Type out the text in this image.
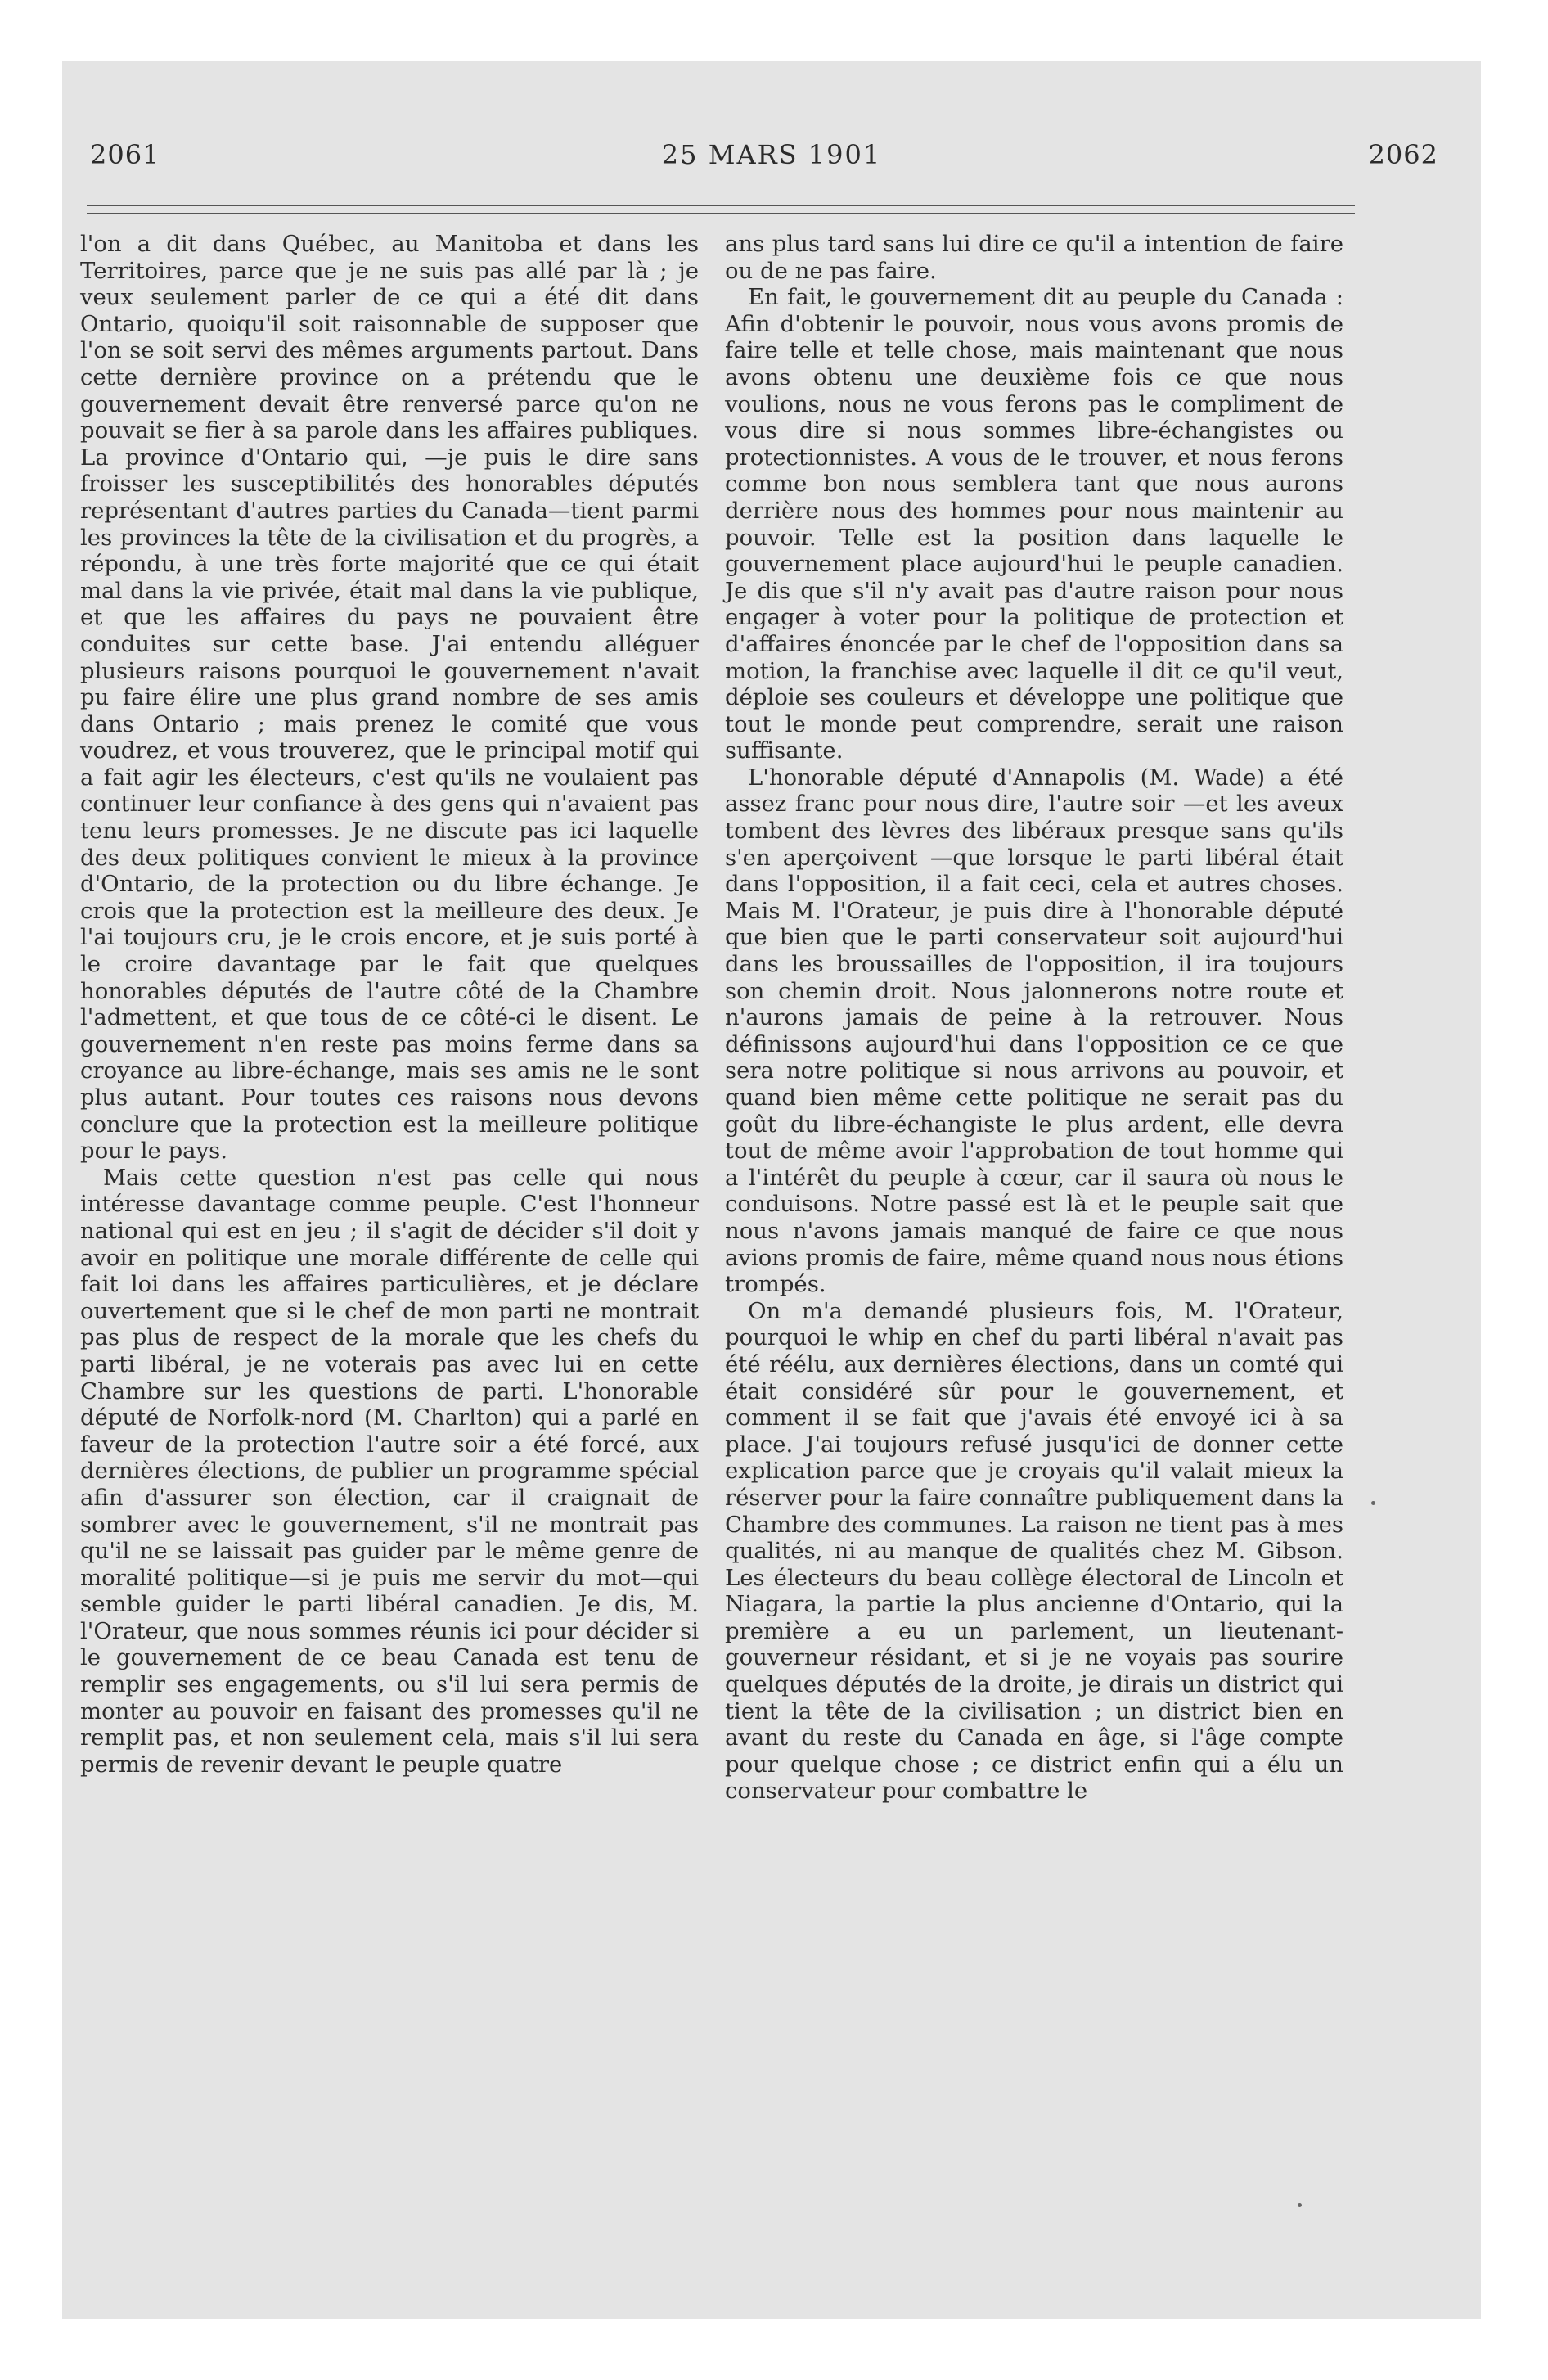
2061	25 MARS 1901	2062

l'on a dit dans Québec, au Manitoba et dans les Territoires, parce que je ne suis pas allé par là ; je veux seulement parler de ce qui a été dit dans Ontario, quoiqu'il soit raisonnable de supposer que l'on se soit servi des mêmes arguments partout. Dans cette dernière province on a prétendu que le gouvernement devait être renversé parce qu'on ne pouvait se fier à sa parole dans les affaires publiques. La province d'Ontario qui, —je puis le dire sans froisser les susceptibilités des honorables députés représentant d'autres parties du Canada—tient parmi les provinces la tête de la civilisation et du progrès, a répondu, à une très forte majorité que ce qui était mal dans la vie privée, était mal dans la vie publique, et que les affaires du pays ne pouvaient être conduites sur cette base. J'ai entendu alléguer plusieurs raisons pourquoi le gouvernement n'avait pu faire élire une plus grand nombre de ses amis dans Ontario ; mais prenez le comité que vous voudrez, et vous trouverez, que le principal motif qui a fait agir les électeurs, c'est qu'ils ne voulaient pas continuer leur confiance à des gens qui n'avaient pas tenu leurs promesses. Je ne discute pas ici laquelle des deux politiques convient le mieux à la province d'Ontario, de la protection ou du libre échange. Je crois que la protection est la meilleure des deux. Je l'ai toujours cru, je le crois encore, et je suis porté à le croire davantage par le fait que quelques honorables députés de l'autre côté de la Chambre l'admettent, et que tous de ce côté-ci le disent. Le gouvernement n'en reste pas moins ferme dans sa croyance au libre-échange, mais ses amis ne le sont plus autant. Pour toutes ces raisons nous devons conclure que la protection est la meilleure politique pour le pays.

Mais cette question n'est pas celle qui nous intéresse davantage comme peuple. C'est l'honneur national qui est en jeu ; il s'agit de décider s'il doit y avoir en politique une morale différente de celle qui fait loi dans les affaires particulières, et je déclare ouvertement que si le chef de mon parti ne montrait pas plus de respect de la morale que les chefs du parti libéral, je ne voterais pas avec lui en cette Chambre sur les questions de parti. L'honorable député de Norfolk-nord (M. Charlton) qui a parlé en faveur de la protection l'autre soir a été forcé, aux dernières élections, de publier un programme spécial afin d'assurer son élection, car il craignait de sombrer avec le gouvernement, s'il ne montrait pas qu'il ne se laissait pas guider par le même genre de moralité politique—si je puis me servir du mot—qui semble guider le parti libéral canadien. Je dis, M. l'Orateur, que nous sommes réunis ici pour décider si le gouvernement de ce beau Canada est tenu de remplir ses engagements, ou s'il lui sera permis de monter au pouvoir en faisant des promesses qu'il ne remplit pas, et non seulement cela, mais s'il lui sera permis de revenir devant le peuple quatre

ans plus tard sans lui dire ce qu'il a intention de faire ou de ne pas faire.

En fait, le gouvernement dit au peuple du Canada : Afin d'obtenir le pouvoir, nous vous avons promis de faire telle et telle chose, mais maintenant que nous avons obtenu une deuxième fois ce que nous voulions, nous ne vous ferons pas le compliment de vous dire si nous sommes libre-échangistes ou protectionnistes. A vous de le trouver, et nous ferons comme bon nous semblera tant que nous aurons derrière nous des hommes pour nous maintenir au pouvoir. Telle est la position dans laquelle le gouvernement place aujourd'hui le peuple canadien. Je dis que s'il n'y avait pas d'autre raison pour nous engager à voter pour la politique de protection et d'affaires énoncée par le chef de l'opposition dans sa motion, la franchise avec laquelle il dit ce qu'il veut, déploie ses couleurs et développe une politique que tout le monde peut comprendre, serait une raison suffisante.

L'honorable député d'Annapolis (M. Wade) a été assez franc pour nous dire, l'autre soir —et les aveux tombent des lèvres des libéraux presque sans qu'ils s'en aperçoivent —que lorsque le parti libéral était dans l'opposition, il a fait ceci, cela et autres choses. Mais M. l'Orateur, je puis dire à l'honorable député que bien que le parti conservateur soit aujourd'hui dans les broussailles de l'opposition, il ira toujours son chemin droit. Nous jalonnerons notre route et n'aurons jamais de peine à la retrouver. Nous définissons aujourd'hui dans l'opposition ce ce que sera notre politique si nous arrivons au pouvoir, et quand bien même cette politique ne serait pas du goût du libre-échangiste le plus ardent, elle devra tout de même avoir l'approbation de tout homme qui a l'intérêt du peuple à cœur, car il saura où nous le conduisons. Notre passé est là et le peuple sait que nous n'avons jamais manqué de faire ce que nous avions promis de faire, même quand nous nous étions trompés.

On m'a demandé plusieurs fois, M. l'Orateur, pourquoi le whip en chef du parti libéral n'avait pas été réélu, aux dernières élections, dans un comté qui était considéré sûr pour le gouvernement, et comment il se fait que j'avais été envoyé ici à sa place. J'ai toujours refusé jusqu'ici de donner cette explication parce que je croyais qu'il valait mieux la réserver pour la faire connaître publiquement dans la Chambre des communes. La raison ne tient pas à mes qualités, ni au manque de qualités chez M. Gibson. Les électeurs du beau collège électoral de Lincoln et Niagara, la partie la plus ancienne d'Ontario, qui la première a eu un parlement, un lieutenant-gouverneur résidant, et si je ne voyais pas sourire quelques députés de la droite, je dirais un district qui tient la tête de la civilisation ; un district bien en avant du reste du Canada en âge, si l'âge compte pour quelque chose ; ce district enfin qui a élu un conservateur pour combattre le
